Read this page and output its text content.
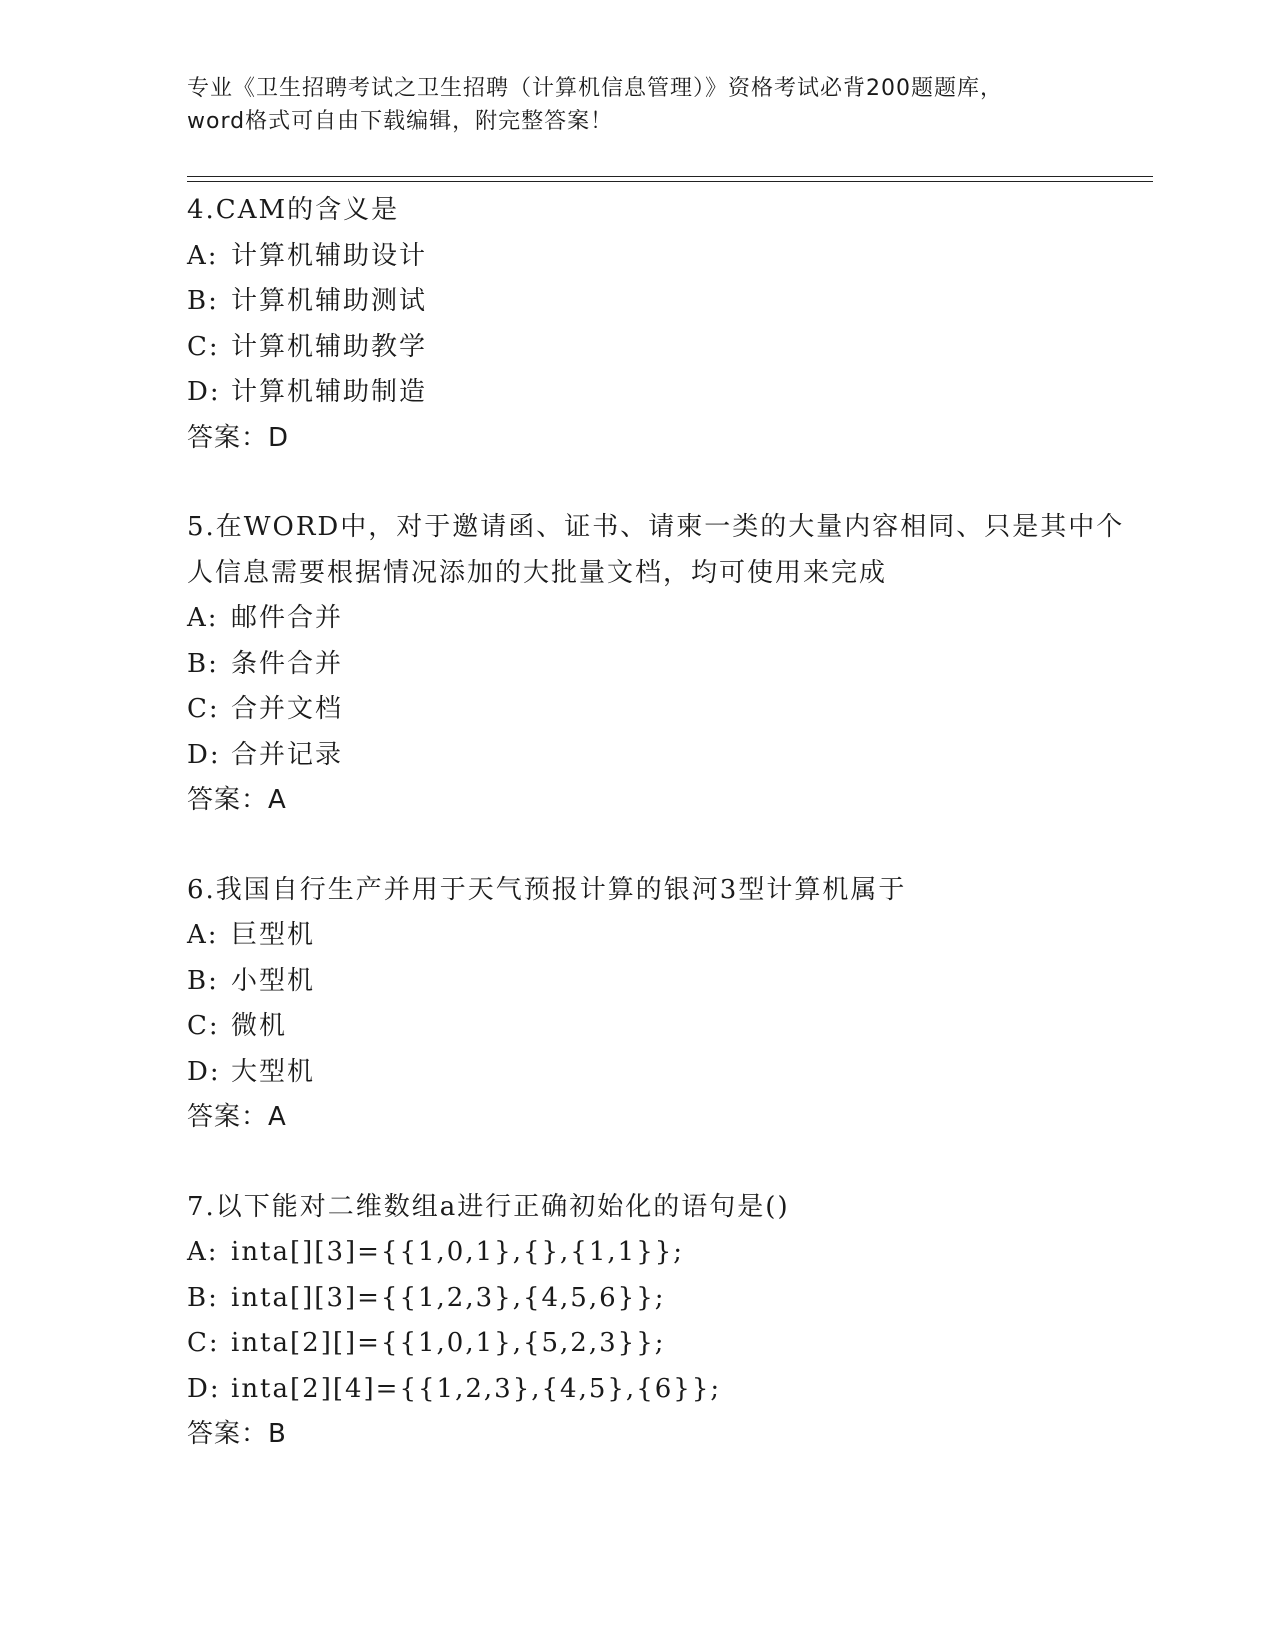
专业《卫生招聘考试之卫生招聘（计算机信息管理）》资格考试必背200题题库，
word格式可自由下载编辑，附完整答案！

4.CAM的含义是

A: 计算机辅助设计

B: 计算机辅助测试

C: 计算机辅助教学

D: 计算机辅助制造

答案：D

5.在WORD中，对于邀请函、证书、请柬一类的大量内容相同、只是其中个人信息需要根据情况添加的大批量文档，均可使用来完成

A: 邮件合并

B: 条件合并

C: 合并文档

D: 合并记录

答案：A

6.我国自行生产并用于天气预报计算的银河3型计算机属于

A: 巨型机

B: 小型机

C: 微机

D: 大型机

答案：A

7.以下能对二维数组a进行正确初始化的语句是()

A: inta[][3]={{1,0,1},{},{1,1}};

B: inta[][3]={{1,2,3},{4,5,6}};

C: inta[2][]={{1,0,1},{5,2,3}};

D: inta[2][4]={{1,2,3},{4,5},{6}};

答案：B
